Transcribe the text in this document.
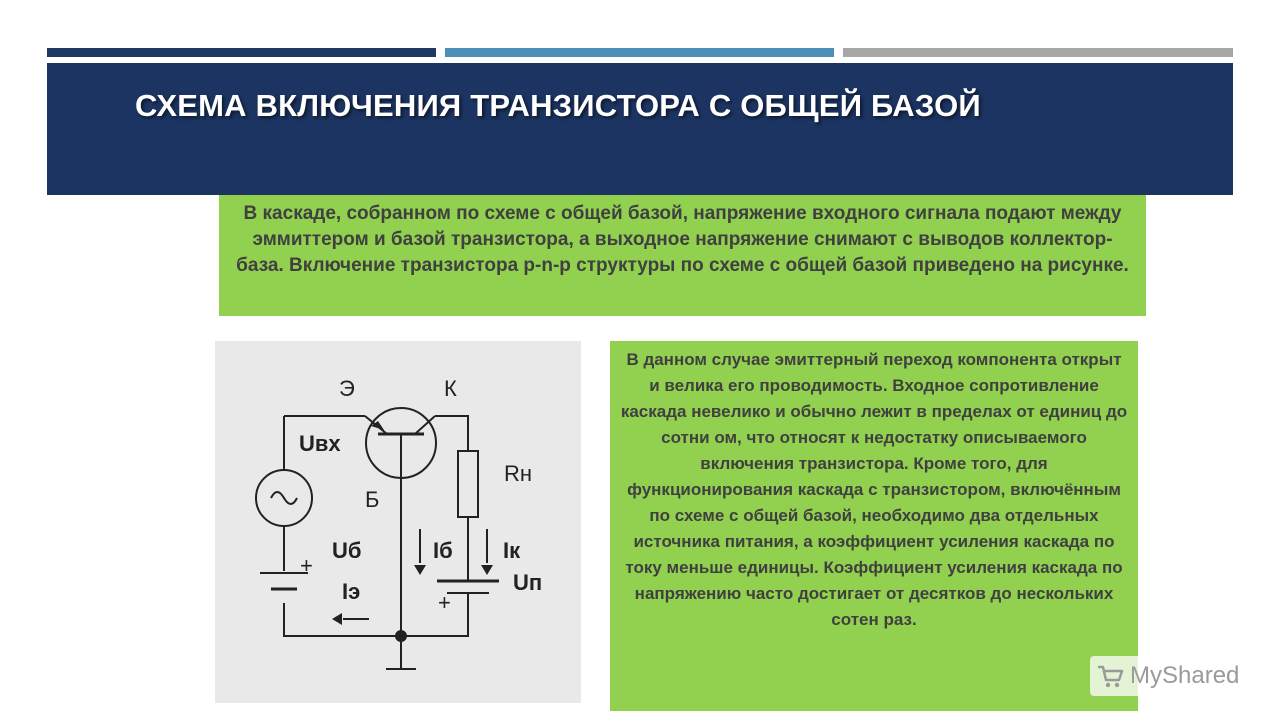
СХЕМА ВКЛЮЧЕНИЯ ТРАНЗИСТОРА С ОБЩЕЙ БАЗОЙ
В каскаде, собранном по схеме с общей базой, напряжение входного сигнала подают между эммиттером и базой транзистора, а выходное напряжение снимают с выводов коллектор-база. Включение транзистора p-n-p структуры по схеме с общей базой приведено на рисунке.
Э	К
Uвх
Б
Rн
Uб	Iб Iк
+
Iэ	Uп
+
В данном случае эмиттерный переход компонента открыт и велика его проводимость. Входное сопротивление каскада невелико и обычно лежит в пределах от единиц до сотни ом, что относят к недостатку описываемого включения транзистора. Кроме того, для функционирования каскада с транзистором, включённым по схеме с общей базой, необходимо два отдельных источника питания, а коэффициент усиления каскада по току меньше единицы. Коэффициент усиления каскада по напряжению часто достигает от десятков до нескольких сотен раз.
MyShared
